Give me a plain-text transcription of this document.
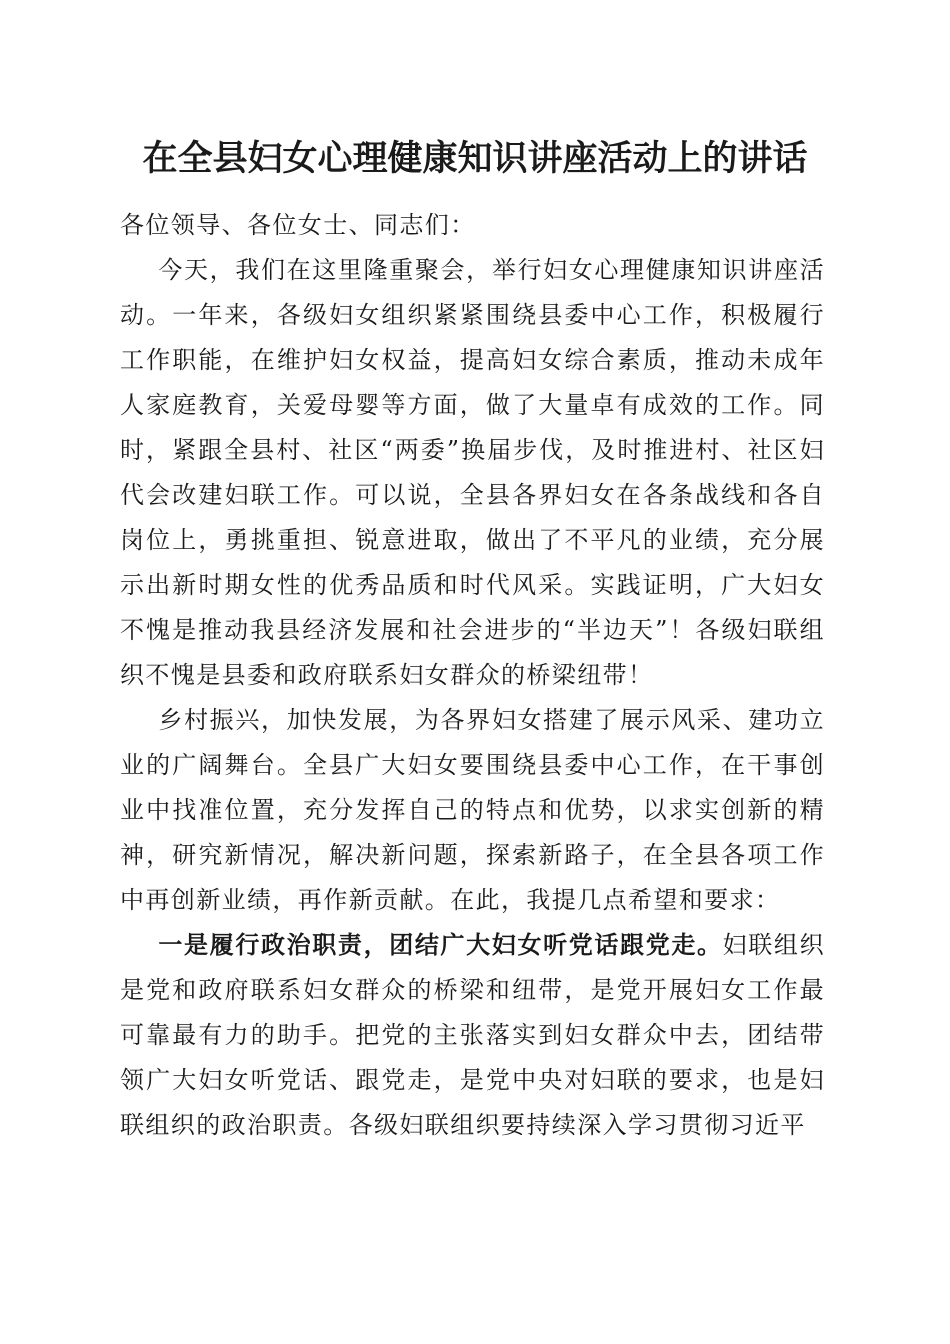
在全县妇女心理健康知识讲座活动上的讲话

各位领导、各位女士、同志们：

今天，我们在这里隆重聚会，举行妇女心理健康知识讲座活动。一年来，各级妇女组织紧紧围绕县委中心工作，积极履行工作职能，在维护妇女权益，提高妇女综合素质，推动未成年人家庭教育，关爱母婴等方面，做了大量卓有成效的工作。同时，紧跟全县村、社区“两委”换届步伐，及时推进村、社区妇代会改建妇联工作。可以说，全县各界妇女在各条战线和各自岗位上，勇挑重担、锐意进取，做出了不平凡的业绩，充分展示出新时期女性的优秀品质和时代风采。实践证明，广大妇女不愧是推动我县经济发展和社会进步的“半边天”！各级妇联组织不愧是县委和政府联系妇女群众的桥梁纽带！

乡村振兴，加快发展，为各界妇女搭建了展示风采、建功立业的广阔舞台。全县广大妇女要围绕县委中心工作，在干事创业中找准位置，充分发挥自己的特点和优势，以求实创新的精神，研究新情况，解决新问题，探索新路子，在全县各项工作中再创新业绩，再作新贡献。在此，我提几点希望和要求：

一是履行政治职责，团结广大妇女听党话跟党走。妇联组织是党和政府联系妇女群众的桥梁和纽带，是党开展妇女工作最可靠最有力的助手。把党的主张落实到妇女群众中去，团结带领广大妇女听党话、跟党走，是党中央对妇联的要求，也是妇联组织的政治职责。各级妇联组织要持续深入学习贯彻习近平
